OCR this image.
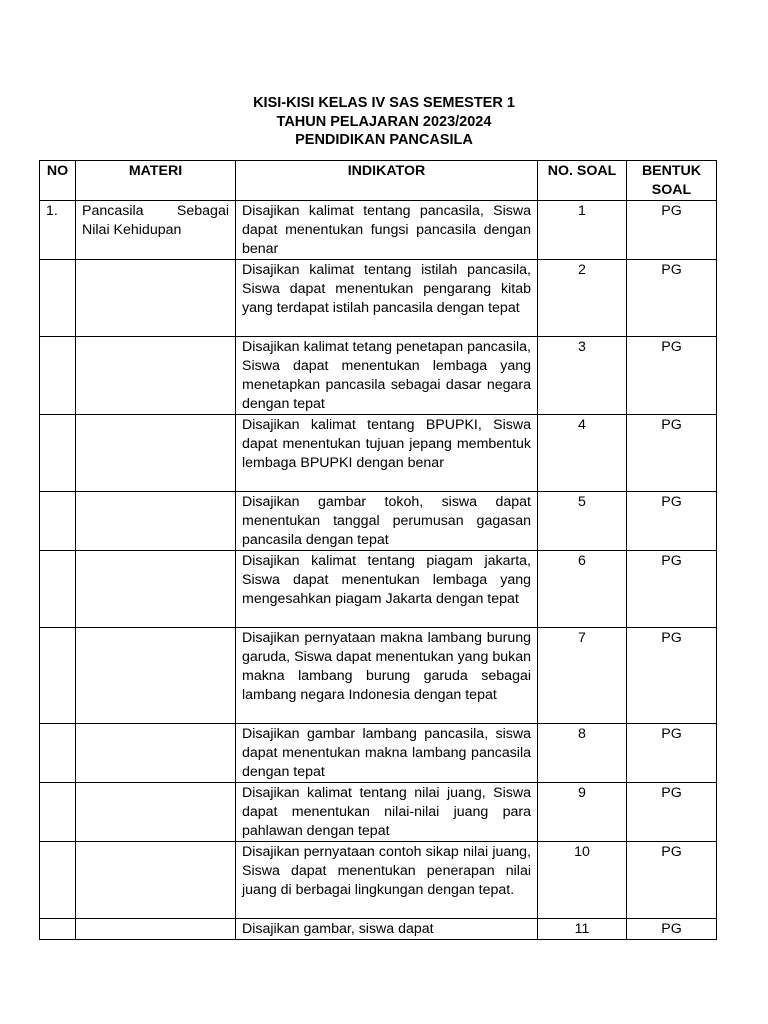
KISI-KISI KELAS IV SAS SEMESTER 1
TAHUN PELAJARAN 2023/2024
PENDIDIKAN PANCASILA
NO	MATERI	INDIKATOR	NO. SOAL	BENTUK SOAL
1.	Pancasila Sebagai Nilai Kehidupan	Disajikan kalimat tentang pancasila, Siswa dapat menentukan fungsi pancasila dengan benar	1	PG
		Disajikan kalimat tentang istilah pancasila, Siswa dapat menentukan pengarang kitab yang terdapat istilah pancasila dengan tepat	2	PG
		Disajikan kalimat tetang penetapan pancasila, Siswa dapat menentukan lembaga yang menetapkan pancasila sebagai dasar negara dengan tepat	3	PG
		Disajikan kalimat tentang BPUPKI, Siswa dapat menentukan tujuan jepang membentuk lembaga BPUPKI dengan benar	4	PG
		Disajikan gambar tokoh, siswa dapat menentukan tanggal perumusan gagasan pancasila dengan tepat	5	PG
		Disajikan kalimat tentang piagam jakarta, Siswa dapat menentukan lembaga yang mengesahkan piagam Jakarta dengan tepat	6	PG
		Disajikan pernyataan makna lambang burung garuda, Siswa dapat menentukan yang bukan makna lambang burung garuda sebagai lambang negara Indonesia dengan tepat	7	PG
		Disajikan gambar lambang pancasila, siswa dapat menentukan makna lambang pancasila dengan tepat	8	PG
		Disajikan kalimat tentang nilai juang, Siswa dapat menentukan nilai-nilai juang para pahlawan dengan tepat	9	PG
		Disajikan pernyataan contoh sikap nilai juang, Siswa dapat menentukan penerapan nilai juang di berbagai lingkungan dengan tepat.	10	PG
		Disajikan gambar, siswa dapat	11	PG
